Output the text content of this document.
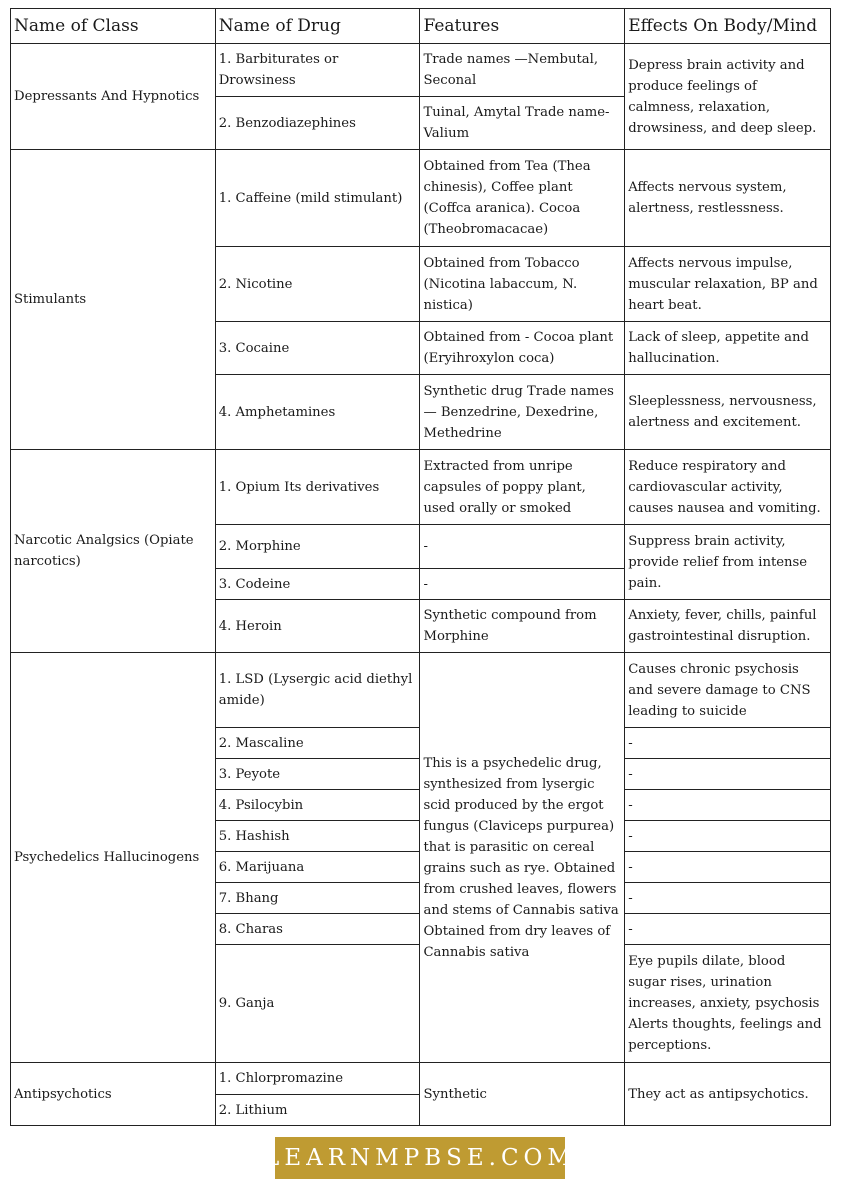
Name of Class	Name of Drug	Features	Effects On Body/Mind
Depressants And Hypnotics	1. Barbiturates or Drowsiness	Trade names —Nembutal, Seconal	Depress brain activity and produce feelings of calmness, relaxation, drowsiness, and deep sleep.
	2. Benzodiazephines	Tuinal, Amytal Trade name- Valium	
Stimulants	1. Caffeine (mild stimulant)	Obtained from Tea (Thea chinesis), Coffee plant (Coffca aranica). Cocoa (Theobromacacae)	Affects nervous system, alertness, restlessness.
	2. Nicotine	Obtained from Tobacco (Nicotina labaccum, N. nistica)	Affects nervous impulse, muscular relaxation, BP and heart beat.
	3. Cocaine	Obtained from - Cocoa plant (Eryihroxylon coca)	Lack of sleep, appetite and hallucination.
	4. Amphetamines	Synthetic drug Trade names — Benzedrine, Dexedrine, Methedrine	Sleeplessness, nervousness, alertness and excitement.
Narcotic Analgsics (Opiate narcotics)	1. Opium Its derivatives	Extracted from unripe capsules of poppy plant, used orally or smoked	Reduce respiratory and cardiovascular activity, causes nausea and vomiting.
	2. Morphine	-	Suppress brain activity, provide relief from intense pain.
	3. Codeine	-	
	4. Heroin	Synthetic compound from Morphine	Anxiety, fever, chills, painful gastrointestinal disruption.
Psychedelics Hallucinogens	1. LSD (Lysergic acid diethyl amide)	This is a psychedelic drug, synthesized from lysergic scid produced by the ergot fungus (Claviceps purpurea) that is parasitic on cereal grains such as rye. Obtained from crushed leaves, flowers and stems of Cannabis sativa Obtained from dry leaves of Cannabis sativa	Causes chronic psychosis and severe damage to CNS leading to suicide
	2. Mascaline		-
	3. Peyote		-
	4. Psilocybin		-
	5. Hashish		-
	6. Marijuana		-
	7. Bhang		-
	8. Charas		-
	9. Ganja		Eye pupils dilate, blood sugar rises, urination increases, anxiety, psychosis Alerts thoughts, feelings and perceptions.
Antipsychotics	1. Chlorpromazine	Synthetic	They act as antipsychotics.
	2. Lithium		
LEARNMPBSE.COM
